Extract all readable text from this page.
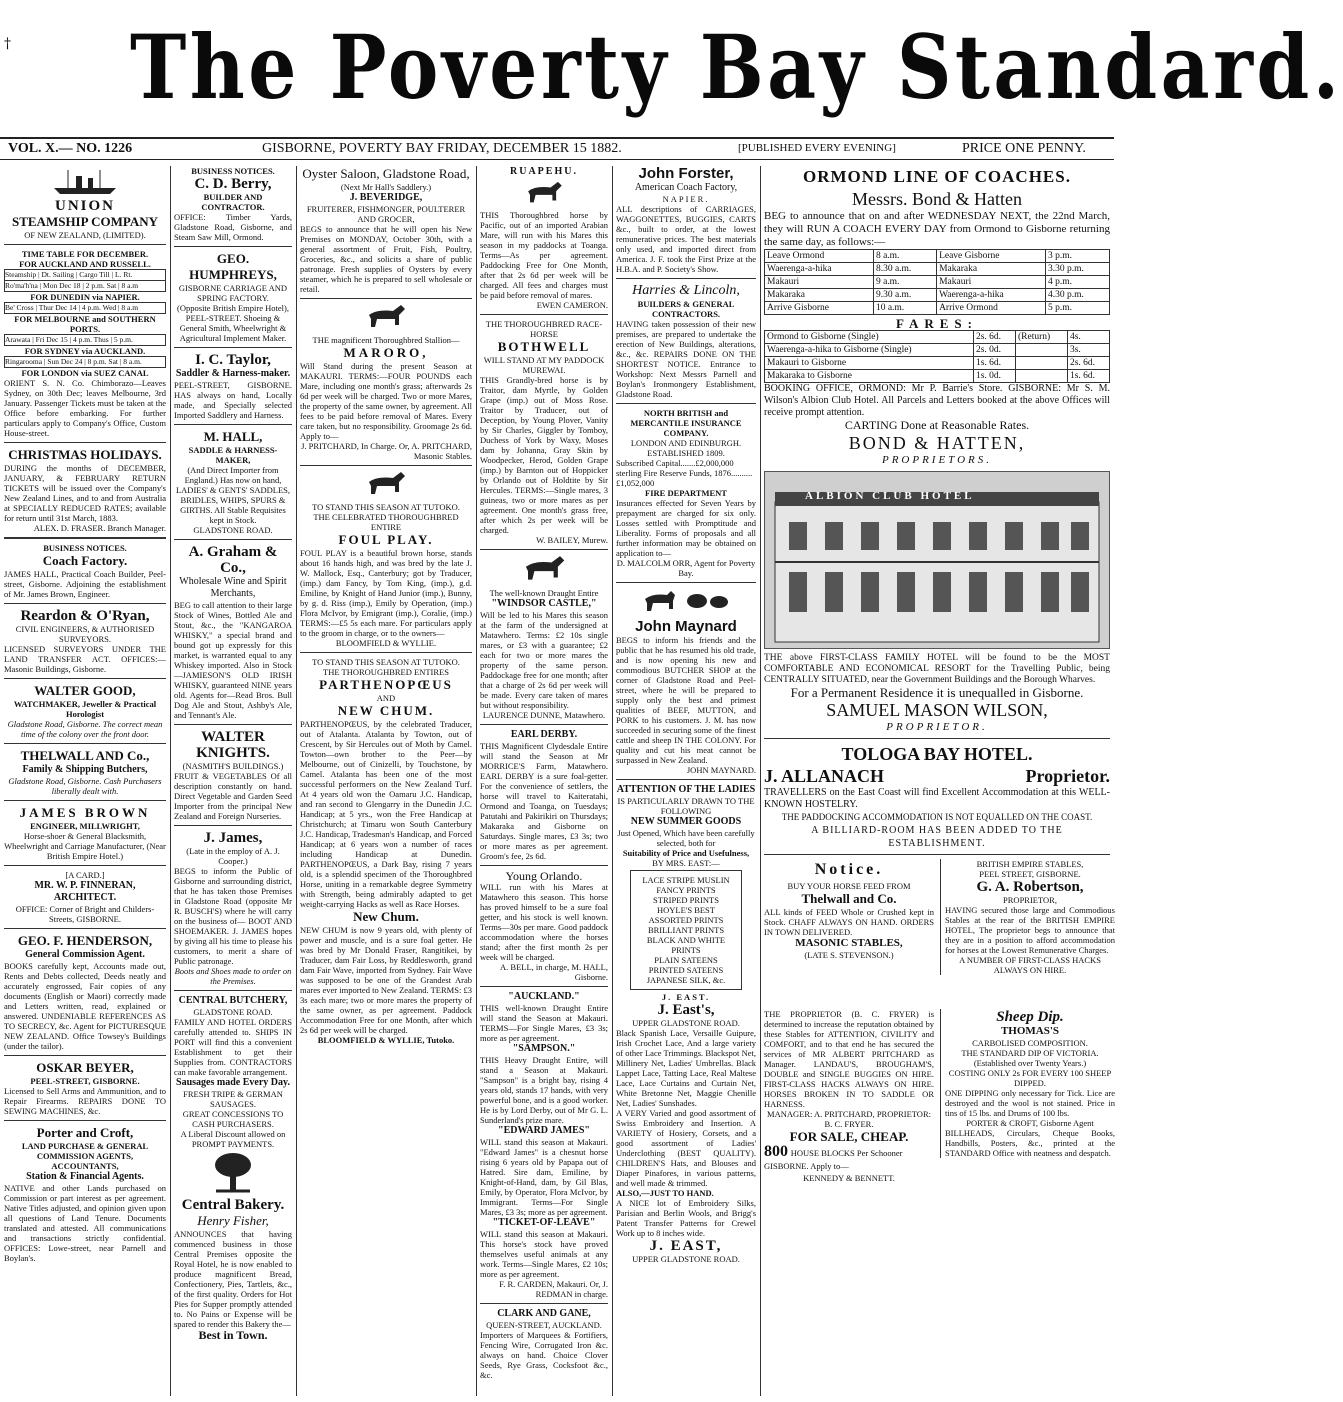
† The Poverty Bay Standard.
VOL. X.— NO. 1226	GISBORNE, POVERTY BAY FRIDAY, DECEMBER 15 1882.	[PUBLISHED EVERY EVENING]	PRICE ONE PENNY.
UNION
STEAMSHIP COMPANY
OF NEW ZEALAND, (LIMITED).
TIME TABLE FOR DECEMBER.
FOR AUCKLAND AND RUSSELL.
Steamship | Dt. Sailing | Cargo Till | L. Rt.
Ro'ma'h'na | Mon Dec 18 | 2 p.m. Sat | 8 a.m
FOR DUNEDIN via NAPIER.
Be' Cross | Thur Dec 14 | 4 p.m. Wed | 8 a.m
FOR MELBOURNE and SOUTHERN PORTS.
Arawata | Fri Dec 15 | 4 p.m. Thus | 5 p.m.
FOR SYDNEY via AUCKLAND.
Ringarooma | Sun Dec 24 | 8 p.m. Sat | 8 a.m.
FOR LONDON via SUEZ CANAL
ORIENT S. N. Co. Chimborazo—Leaves Sydney, on 30th Dec; leaves Melbourne, 3rd January. Passenger Tickets must be taken at the Office before embarking. For further particulars apply to Company's Office, Custom House-street.
CHRISTMAS HOLIDAYS.
DURING the months of DECEMBER, JANUARY, & FEBRUARY RETURN TICKETS will be issued over the Company's New Zealand Lines, and to and from Australia at SPECIALLY REDUCED RATES; available for return until 31st March, 1883.
ALEX. D. FRASER. Branch Manager.
BUSINESS NOTICES.
Coach Factory.
JAMES HALL, Practical Coach Builder, Peel-street, Gisborne. Adjoining the establishment of Mr. James Brown, Engineer.
Reardon & O'Ryan,
CIVIL ENGINEERS, & AUTHORISED SURVEYORS.
LICENSED SURVEYORS UNDER THE LAND TRANSFER ACT. OFFICES:—Masonic Buildings, Gisborne.
WALTER GOOD,
WATCHMAKER, Jeweller & Practical Horologist
Gladstone Road, Gisborne. The correct mean time of the colony over the front door.
THELWALL AND Co.,
Family & Shipping Butchers,
Gladstone Road, Gisborne. Cash Purchasers liberally dealt with.
JAMES BROWN
ENGINEER, MILLWRIGHT,
Horse-shoer & General Blacksmith, Wheelwright and Carriage Manufacturer, (Near British Empire Hotel.)
[A CARD.]
MR. W. P. FINNERAN, ARCHITECT.
OFFICE: Corner of Bright and Childers-Streets, GISBORNE.
GEO. F. HENDERSON,
General Commission Agent.
BOOKS carefully kept, Accounts made out, Rents and Debts collected, Deeds neatly and accurately engrossed, Fair copies of any documents (English or Maori) correctly made and Letters written, read, explained or answered. UNDENIABLE REFERENCES AS TO SECRECY, &c. Agent for PICTURESQUE NEW ZEALAND. Office Towsey's Buildings (under the tailor).
OSKAR BEYER,
PEEL-STREET, GISBORNE.
Licensed to Sell Arms and Ammunition, and to Repair Firearms. REPAIRS DONE TO SEWING MACHINES, &c.
Porter and Croft,
LAND PURCHASE & GENERAL COMMISSION AGENTS, ACCOUNTANTS,
Station & Financial Agents.
NATIVE and other Lands purchased on Commission or part interest as per agreement. Native Titles adjusted, and opinion given upon all questions of Land Tenure. Documents translated and attested. All communications and transactions strictly confidential. OFFICES: Lowe-street, near Parnell and Boylan's.
BUSINESS NOTICES.
C. D. Berry,
BUILDER AND CONTRACTOR.
OFFICE: Timber Yards, Gladstone Road, Gisborne, and Steam Saw Mill, Ormond.
GEO. HUMPHREYS,
GISBORNE CARRIAGE AND SPRING FACTORY.
(Opposite British Empire Hotel), PEEL-STREET. Shoeing & General Smith, Wheelwright & Agricultural Implement Maker.
I. C. Taylor,
Saddler & Harness-maker.
PEEL-STREET, GISBORNE. HAS always on hand, Locally made, and Specially selected Imported Saddlery and Harness.
M. HALL,
SADDLE & HARNESS-MAKER,
(And Direct Importer from England.) Has now on hand, LADIES' & GENTS' SADDLES, BRIDLES, WHIPS, SPURS & GIRTHS. All Stable Requisites kept in Stock.
GLADSTONE ROAD.
A. Graham & Co.,
Wholesale Wine and Spirit Merchants,
BEG to call attention to their large Stock of Wines, Bottled Ale and Stout, &c., the "KANGAROA WHISKY," a special brand and bound got up expressly for this market, is warranted equal to any Whiskey imported. Also in Stock—JAMIESON'S OLD IRISH WHISKY, guaranteed NINE years old. Agents for—Read Bros. Bull Dog Ale and Stout, Ashby's Ale, and Tennant's Ale.
WALTER KNIGHTS.
(NASMITH'S BUILDINGS.)
FRUIT & VEGETABLES Of all description constantly on hand. Direct Vegetable and Garden Seed Importer from the principal New Zealand and Foreign Nurseries.
J. James,
(Late in the employ of A. J. Cooper.)
BEGS to inform the Public of Gisborne and surrounding district, that he has taken those Premises in Gladstone Road (opposite Mr R. BUSCH'S) where he will carry on the business of— BOOT AND SHOEMAKER. J. JAMES hopes by giving all his time to please his customers, to merit a share of Public patronage.
Boots and Shoes made to order on the Premises.
CENTRAL BUTCHERY,
GLADSTONE ROAD.
FAMILY AND HOTEL ORDERS carefully attended to. SHIPS IN PORT will find this a convenient Establishment to get their Supplies from. CONTRACTORS can make favorable arrangement.
Sausages made Every Day.
FRESH TRIPE & GERMAN SAUSAGES.
GREAT CONCESSIONS TO CASH PURCHASERS.
A Liberal Discount allowed on PROMPT PAYMENTS.
Central Bakery.
Henry Fisher,
ANNOUNCES that having commenced business in those Central Premises opposite the Royal Hotel, he is now enabled to produce magnificent Bread, Confectionery, Pies, Tartlets, &c., of the first quality. Orders for Hot Pies for Supper promptly attended to. No Pains or Expense will be spared to render this Bakery the—
Best in Town.
Oyster Saloon, Gladstone Road,
(Next Mr Hall's Saddlery.)
J. BEVERIDGE,
FRUITERER, FISHMONGER, POULTERER AND GROCER,
BEGS to announce that he will open his New Premises on MONDAY, October 30th, with a general assortment of Fruit, Fish, Poultry, Groceries, &c., and solicits a share of public patronage. Fresh supplies of Oysters by every steamer, which he is prepared to sell wholesale or retail.
THE magnificent Thoroughbred Stallion—
MARORO,
Will Stand during the present Season at MAKAURI. TERMS:—FOUR POUNDS each Mare, including one month's grass; afterwards 2s 6d per week will be charged. Two or more Mares, the property of the same owner, by agreement. All fees to be paid before removal of Mares. Every care taken, but no responsibility. Groomage 2s 6d. Apply to—
J. PRITCHARD, In Charge. Or, A. PRITCHARD, Masonic Stables.
TO STAND THIS SEASON AT TUTOKO.
THE CELEBRATED THOROUGHBRED ENTIRE
FOUL PLAY.
FOUL PLAY is a beautiful brown horse, stands about 16 hands high, and was bred by the late J. W. Mallock, Esq., Canterbury; got by Traducer, (imp.) dam Fancy, by Tom King, (imp.), g.d. Emiline, by Knight of Hand Junior (imp.), Bunny, by g. d. Riss (imp.), Emily by Operation, (imp.) Flora McIvor, by Emigrant (imp.), Coralie, (imp.) TERMS:—£5 5s each mare. For particulars apply to the groom in charge, or to the owners—
BLOOMFIELD & WYLLIE.
TO STAND THIS SEASON AT TUTOKO.
THE THOROUGHBRED ENTIRES
PARTHENOPŒUS
AND
NEW CHUM.
PARTHENOPŒUS, by the celebrated Traducer, out of Atalanta. Atalanta by Towton, out of Crescent, by Sir Hercules out of Moth by Camel. Towton—own brother to the Peer—by Melbourne, out of Cinizelli, by Touchstone, by Camel. Atalanta has been one of the most successful performers on the New Zealand Turf. At 4 years old won the Oamaru J.C. Handicap, and ran second to Glengarry in the Dunedin J.C. Handicap; at 5 yrs., won the Free Handicap at Christchurch; at Timaru won South Canterbury J.C. Handicap, Tradesman's Handicap, and Forced Handicap; at 6 years won a number of races including Handicap at Dunedin. PARTHENOPŒUS, a Dark Bay, rising 7 years old, is a splendid specimen of the Thoroughbred Horse, uniting in a remarkable degree Symmetry with Strength, being admirably adapted to get weight-carrying Hacks as well as Race Horses.
New Chum.
NEW CHUM is now 9 years old, with plenty of power and muscle, and is a sure foal getter. He was bred by Mr Donald Fraser, Rangitikei, by Traducer, dam Fair Loss, by Reddlesworth, grand dam Fair Wave, imported from Sydney. Fair Wave was supposed to be one of the Grandest Arab mares ever imported to New Zealand. TERMS: £3 3s each mare; two or more mares the property of the same owner, as per agreement. Paddock Accommodation Free for one Month, after which 2s 6d per week will be charged.
BLOOMFIELD & WYLLIE, Tutoko.
RUAPEHU.
THIS Thoroughbred horse by Pacific, out of an imported Arabian Mare, will run with his Mares this season in my paddocks at Toanga. Terms—As per agreement. Paddocking Free for One Month, after that 2s 6d per week will be charged. All fees and charges must be paid before removal of mares.
EWEN CAMERON.
THE THOROUGHBRED RACE-HORSE
BOTHWELL
WILL STAND AT MY PADDOCK MUREWAI.
THIS Grandly-bred horse is by Traitor, dam Myrtle, by Golden Grape (imp.) out of Moss Rose. Traitor by Traducer, out of Deception, by Young Plover, Vanity by Sir Charles, Giggler by Tomboy, Duchess of York by Waxy, Moses dam by Johanna, Gray Skin by Woodpecker, Herod, Golden Grape (imp.) by Barnton out of Hoppicker by Orlando out of Holdtite by Sir Hercules. TERMS:—Single mares, 3 guineas, two or more mares as per agreement. One month's grass free, after which 2s per week will be charged.
W. BAILEY, Murew.
The well-known Draught Entire
"WINDSOR CASTLE,"
Will be led to his Mares this season at the farm of the undersigned at Matawhero. Terms: £2 10s single mares, or £3 with a guarantee; £2 each for two or more mares the property of the same person. Paddockage free for one month; after that a charge of 2s 6d per week will be made. Every care taken of mares but without responsibility.
LAURENCE DUNNE, Matawhero.
EARL DERBY.
THIS Magnificent Clydesdale Entire will stand the Season at Mr MORRICE'S Farm, Matawhero. EARL DERBY is a sure foal-getter. For the convenience of settlers, the horse will travel to Kaiteratahi, Ormond and Toanga, on Tuesdays; Patutahi and Pakirikiri on Thursdays; Makaraka and Gisborne on Saturdays. Single mares, £3 3s; two or more mares as per agreement. Groom's fee, 2s 6d.
Young Orlando.
WILL run with his Mares at Matawhero this season. This horse has proved himself to be a sure foal getter, and his stock is well known. Terms—30s per mare. Good paddock accommodation where the horses stand; after the first month 2s per week will be charged.
A. BELL, in charge, M. HALL, Gisborne.
"AUCKLAND."
THIS well-known Draught Entire will stand the Season at Makauri. TERMS—For Single Mares, £3 3s; more as per agreement.
"SAMPSON."
THIS Heavy Draught Entire, will stand a Season at Makauri. "Sampson" is a bright bay, rising 4 years old, stands 17 hands, with very powerful bone, and is a good worker. He is by Lord Derby, out of Mr G. L. Sunderland's prize mare.
"EDWARD JAMES"
WILL stand this season at Makauri. "Edward James" is a chesnut horse rising 6 years old by Papapa out of Hatred. Sire dam, Emiline, by Knight-of-Hand, dam, by Gil Blas, Emily, by Operator, Flora McIvor, by Immigrant. Terms—For Single Mares, £3 3s; more as per agreement.
"TICKET-OF-LEAVE"
WILL stand this season at Makauri. This horse's stock have proved themselves useful animals at any work. Terms—Single Mares, £2 10s; more as per agreement.
F. R. CARDEN, Makauri. Or, J. REDMAN in charge.
CLARK AND GANE,
QUEEN-STREET, AUCKLAND.
Importers of Marquees & Fortifiers, Fencing Wire, Corrugated Iron &c. always on hand. Choice Clover Seeds, Rye Grass, Cocksfoot &c., &c.
John Forster,
American Coach Factory,
NAPIER.
ALL descriptions of CARRIAGES, WAGGONETTES, BUGGIES, CARTS &c., built to order, at the lowest remunerative prices. The best materials only used, and imported direct from America. J. F. took the First Prize at the H.B.A. and P. Society's Show.
Harries & Lincoln,
BUILDERS & GENERAL CONTRACTORS.
HAVING taken possession of their new premises, are prepared to undertake the erection of New Buildings, alterations, &c., &c. REPAIRS DONE ON THE SHORTEST NOTICE. Entrance to Workshop: Next Messrs Parnell and Boylan's Ironmongery Establishment, Gladstone Road.
NORTH BRITISH and MERCANTILE INSURANCE COMPANY.
LONDON AND EDINBURGH.
ESTABLISHED 1809.
Subscribed Capital.......£2,000,000 sterling Fire Reserve Funds, 1876..........£1,052,000
FIRE DEPARTMENT
Insurances effected for Seven Years by prepayment are charged for six only. Losses settled with Promptitude and Liberality. Forms of proposals and all further information may be obtained on application to—
D. MALCOLM ORR, Agent for Poverty Bay.
John Maynard
BEGS to inform his friends and the public that he has resumed his old trade, and is now opening his new and commodious BUTCHER SHOP at the corner of Gladstone Road and Peel-street, where he will be prepared to supply only the best and primest qualities of BEEF, MUTTON, and PORK to his customers. J. M. has now succeeded in securing some of the finest cattle and sheep IN THE COLONY. For quality and cut his meat cannot be surpassed in New Zealand.
JOHN MAYNARD.
ATTENTION OF THE LADIES
IS PARTICULARLY DRAWN TO THE FOLLOWING
NEW SUMMER GOODS
Just Opened, Which have been carefully selected, both for
Suitability of Price and Usefulness,
BY MRS. EAST:—
LACE STRIPE MUSLIN
FANCY PRINTS
STRIPED PRINTS
HOYLE'S BEST ASSORTED PRINTS
BRILLIANT PRINTS
BLACK AND WHITE PRINTS
PLAIN SATEENS
PRINTED SATEENS
JAPANESE SILK, &c.
J. EAST.
J. East's,
UPPER GLADSTONE ROAD.
Black Spanish Lace, Versaille Guipure, Irish Crochet Lace, And a large variety of other Lace Trimmings. Blackspot Net, Millinery Net, Ladies' Umbrellas. Black Lappet Lace, Tatting Lace, Real Maltese Lace, Lace Curtains and Curtain Net, White Bretonne Net, Maggie Chenille Net, Ladies' Sunshades.
A VERY Varied and good assortment of Swiss Embroidery and Insertion. A VARIETY of Hosiery, Corsets, and a good assortment of Ladies' Underclothing (BEST QUALITY). CHILDREN'S Hats, and Blouses and Diaper Pinafores, in various patterns, and well made & trimmed.
ALSO,—JUST TO HAND.
A NICE lot of Embroidery Silks, Parisian and Berlin Wools, and Brigg's Patent Transfer Patterns for Crewel Work up to 8 inches wide.
J. EAST,
UPPER GLADSTONE ROAD.
ORMOND LINE OF COACHES.
Messrs. Bond & Hatten
BEG to announce that on and after WEDNESDAY NEXT, the 22nd March, they will RUN A COACH EVERY DAY from Ormond to Gisborne returning the same day, as follows:—
Leave Ormond	8 a.m.	Leave Gisborne	3 p.m.
Waerenga-a-hika	8.30 a.m.	Makaraka	3.30 p.m.
Makauri	9 a.m.	Makauri	4 p.m.
Makaraka	9.30 a.m.	Waerenga-a-hika	4.30 p.m.
Arrive Gisborne	10 a.m.	Arrive Ormond	5 p.m.
FARES:
Ormond to Gisborne (Single)	2s. 6d.	(Return)	4s.
Waerenga-a-hika to Gisborne (Single)	2s. 0d.		3s.
Makauri to Gisborne	1s. 6d.		2s. 6d.
Makaraka to Gisborne	1s. 0d.		1s. 6d.
BOOKING OFFICE, ORMOND: Mr P. Barrie's Store. GISBORNE: Mr S. M. Wilson's Albion Club Hotel. All Parcels and Letters booked at the above Offices will receive prompt attention.
CARTING Done at Reasonable Rates.
BOND & HATTEN,
PROPRIETORS.
ALBION CLUB HOTEL
THE above FIRST-CLASS FAMILY HOTEL will be found to be the MOST COMFORTABLE AND ECONOMICAL RESORT for the Travelling Public, being CENTRALLY SITUATED, near the Government Buildings and the Borough Wharves.
For a Permanent Residence it is unequalled in Gisborne.
SAMUEL MASON WILSON,
PROPRIETOR.
TOLOGA BAY HOTEL.
J. ALLANACH	Proprietor.
TRAVELLERS on the East Coast will find Excellent Accommodation at this WELL-KNOWN HOSTELRY.
THE PADDOCKING ACCOMMODATION IS NOT EQUALLED ON THE COAST.
A BILLIARD-ROOM HAS BEEN ADDED TO THE ESTABLISHMENT.
Notice.
BUY YOUR HORSE FEED FROM
Thelwall and Co.
ALL kinds of FEED Whole or Crushed kept in Stock. CHAFF ALWAYS ON HAND. ORDERS IN TOWN DELIVERED.
MASONIC STABLES,
(LATE S. STEVENSON.)
BRITISH EMPIRE STABLES,
PEEL STREET, GISBORNE.
G. A. Robertson,
PROPRIETOR,
HAVING secured those large and Commodious Stables at the rear of the BRITISH EMPIRE HOTEL, The proprietor begs to announce that they are in a position to afford accommodation for horses at the Lowest Remunerative Charges.
A NUMBER OF FIRST-CLASS HACKS ALWAYS ON HIRE.
THE PROPRIETOR (B. C. FRYER) is determined to increase the reputation obtained by these Stables for ATTENTION, CIVILITY and COMFORT, and to that end he has secured the services of MR ALBERT PRITCHARD as Manager. LANDAU'S, BROUGHAM'S, DOUBLE and SINGLE BUGGIES ON HIRE. FIRST-CLASS HACKS ALWAYS ON HIRE. HORSES BROKEN IN TO SADDLE OR HARNESS.
MANAGER: A. PRITCHARD, PROPRIETOR: B. C. FRYER.
FOR SALE, CHEAP.
800 HOUSE BLOCKS Per Schooner GISBORNE. Apply to—
KENNEDY & BENNETT.
Sheep Dip.
THOMAS'S
CARBOLISED COMPOSITION.
THE STANDARD DIP OF VICTORIA.
(Established over Twenty Years.)
COSTING ONLY 2s FOR EVERY 100 SHEEP DIPPED.
ONE DIPPING only necessary for Tick. Lice are destroyed and the wool is not stained. Price in tins of 15 lbs. and Drums of 100 lbs.
PORTER & CROFT, Gisborne Agent
BILLHEADS, Circulars, Cheque Books, Handbills, Posters, &c., printed at the STANDARD Office with neatness and despatch.
